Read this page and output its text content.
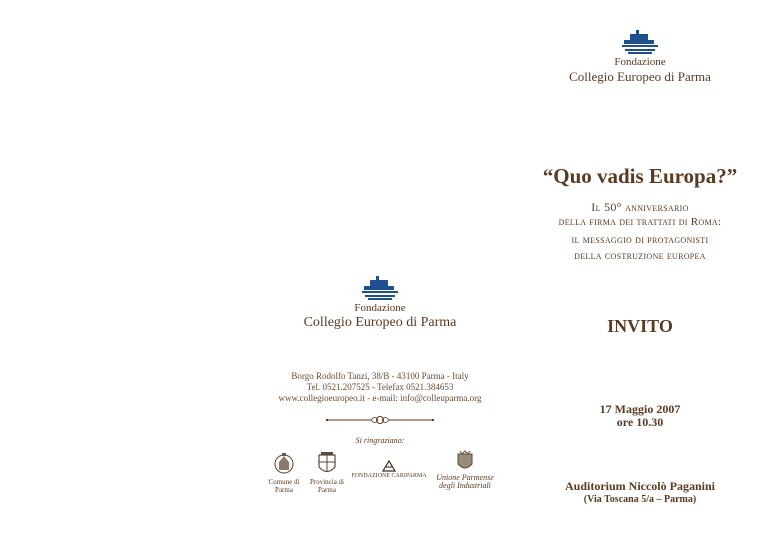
Fondazione
Collegio Europeo di Parma
“Quo vadis Europa?”
Il 50° anniversario
della firma dei trattati di Roma:
il messaggio di protagonisti
della costruzione europea
Fondazione
Collegio Europeo di Parma	INVITO
Borgo Rodolfo Tanzi, 38/B - 43100 Parma - Italy
Tel. 0521.207525 - Telefax 0521.384653
www.collegioeuropeo.it - e-mail: info@colleuparma.org
17 Maggio 2007
ore 10.30
Si ringraziano:
Comune di
Parma
Provincia di
Parma
FONDAZIONE CARIPARMA	Unione Parmense
degli Industriali	Auditorium Niccolò Paganini
(Via Toscana 5/a – Parma)
